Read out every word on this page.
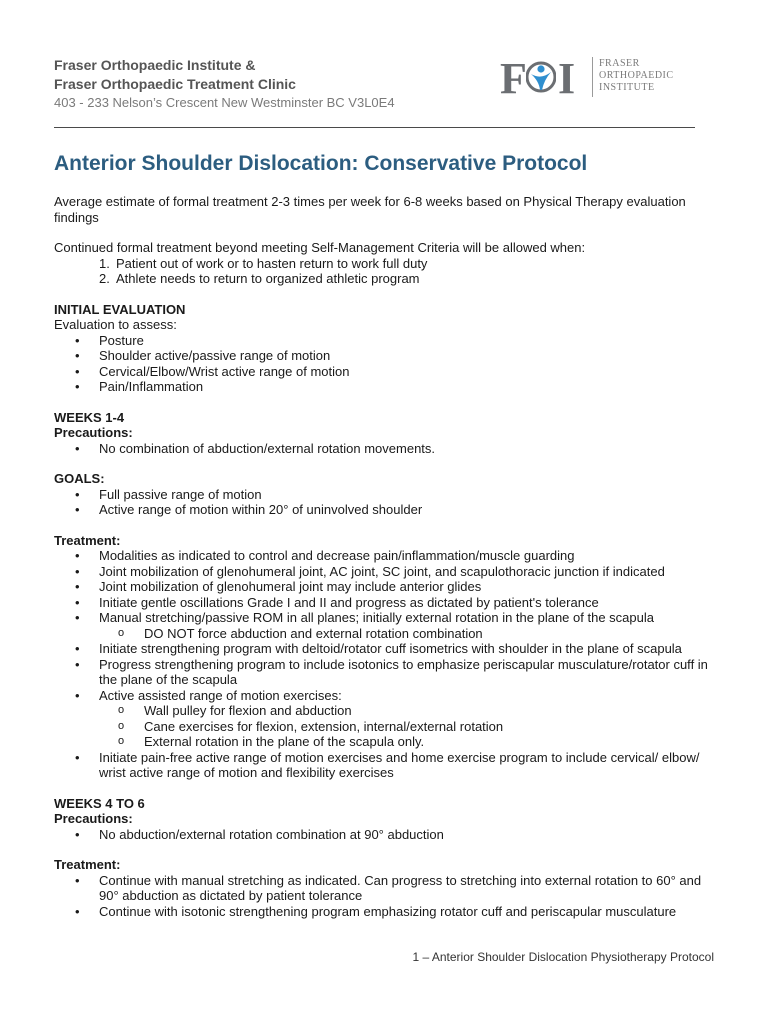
Fraser Orthopaedic Institute &
Fraser Orthopaedic Treatment Clinic
403 - 233 Nelson’s Crescent New Westminster BC V3L0E4 F I FRASER
ORTHOPAEDIC
INSTITUTE
Anterior Shoulder Dislocation: Conservative Protocol

Average estimate of formal treatment 2-3 times per week for 6-8 weeks based on Physical Therapy evaluation findings

Continued formal treatment beyond meeting Self-Management Criteria will be allowed when:

1. Patient out of work or to hasten return to work full duty
2. Athlete needs to return to organized athletic program

INITIAL EVALUATION

Evaluation to assess:

• Posture
• Shoulder active/passive range of motion
• Cervical/Elbow/Wrist active range of motion
• Pain/Inflammation

WEEKS 1-4

Precautions:

• No combination of abduction/external rotation movements.

GOALS:

• Full passive range of motion
• Active range of motion within 20° of uninvolved shoulder

Treatment:

• Modalities as indicated to control and decrease pain/inflammation/muscle guarding
• Joint mobilization of glenohumeral joint, AC joint, SC joint, and scapulothoracic junction if indicated
• Joint mobilization of glenohumeral joint may include anterior glides
• Initiate gentle oscillations Grade I and II and progress as dictated by patient's tolerance
• Manual stretching/passive ROM in all planes; initially external rotation in the plane of the scapula
o DO NOT force abduction and external rotation combination
• Initiate strengthening program with deltoid/rotator cuff isometrics with shoulder in the plane of scapula
• Progress strengthening program to include isotonics to emphasize periscapular musculature/rotator cuff in the plane of the scapula
• Active assisted range of motion exercises:
o Wall pulley for flexion and abduction
o Cane exercises for flexion, extension, internal/external rotation
o External rotation in the plane of the scapula only.
• Initiate pain-free active range of motion exercises and home exercise program to include cervical/ elbow/ wrist active range of motion and flexibility exercises

WEEKS 4 TO 6

Precautions:

• No abduction/external rotation combination at 90° abduction

Treatment:

• Continue with manual stretching as indicated. Can progress to stretching into external rotation to 60° and 90° abduction as dictated by patient tolerance
• Continue with isotonic strengthening program emphasizing rotator cuff and periscapular musculature
1 – Anterior Shoulder Dislocation Physiotherapy Protocol
